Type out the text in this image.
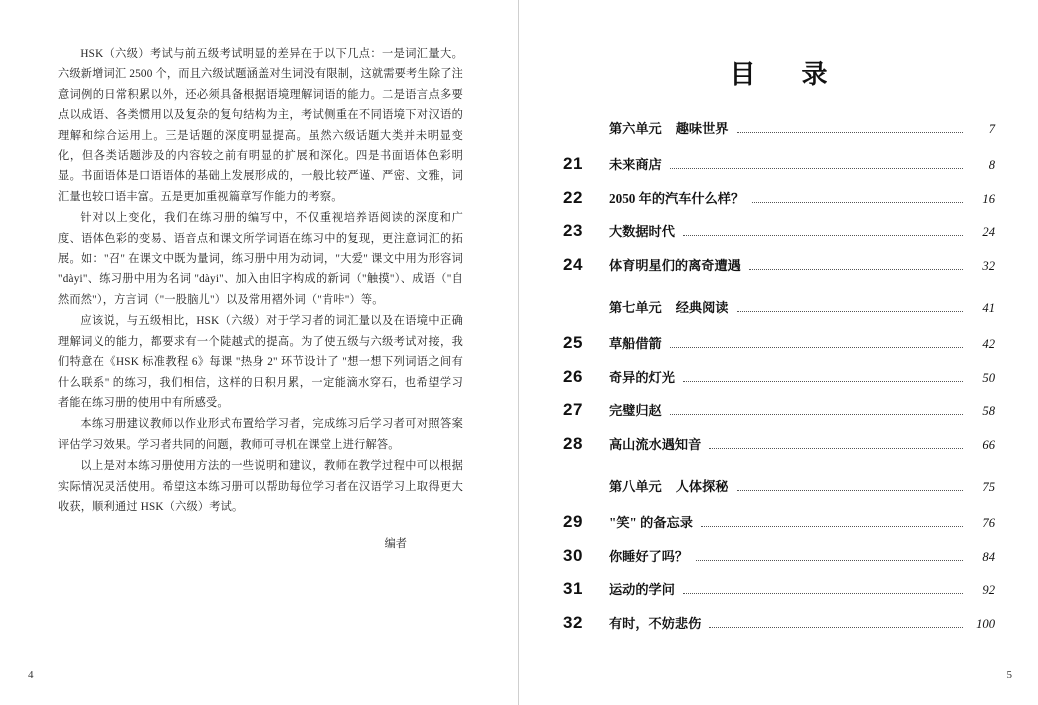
HSK（六级）考试与前五级考试明显的差异在于以下几点：一是词汇量大。六级新增词汇 2500 个，而且六级试题涵盖对生词没有限制，这就需要考生除了注意词例的日常积累以外，还必须具备根据语境理解词语的能力。二是语言点多要点以成语、各类惯用以及复杂的复句结构为主，考试侧重在不同语境下对汉语的理解和综合运用上。三是话题的深度明显提高。虽然六级话题大类并未明显变化，但各类话题涉及的内容较之前有明显的扩展和深化。四是书面语体色彩明显。书面语体是口语语体的基础上发展形成的，一般比较严谨、严密、文雅，词汇量也较口语丰富。五是更加重视篇章写作能力的考察。

针对以上变化，我们在练习册的编写中，不仅重视培养语阅读的深度和广度、语体色彩的变易、语音点和课文所学词语在练习中的复现，更注意词汇的拓展。如："召" 在课文中既为量词，练习册中用为动词，"大爱" 课文中用为形容词 "dàyi"、练习册中用为名词 "dàyi"、加入由旧字构成的新词（"触摸"）、成语（"自然而然"），方言词（"一股脑儿"）以及常用褶外词（"肯咔"）等。

应该说，与五级相比，HSK（六级）对于学习者的词汇量以及在语境中正确理解词义的能力，都要求有一个陡越式的提高。为了使五级与六级考试对接，我们特意在《HSK 标准教程 6》每课 "热身 2" 环节设计了 "想一想下列词语之间有什么联系" 的练习，我们相信，这样的日积月累，一定能滴水穿石，也希望学习者能在练习册的使用中有所感受。

本练习册建议教师以作业形式布置给学习者，完成练习后学习者可对照答案评估学习效果。学习者共同的问题，教师可寻机在课堂上进行解答。

以上是对本练习册使用方法的一些说明和建议，教师在教学过程中可以根据实际情况灵活使用。希望这本练习册可以帮助每位学习者在汉语学习上取得更大收获，顺利通过 HSK（六级）考试。

编者
4
目　录
第六单元 趣味世界	7
21	未来商店	8
22	2050 年的汽车什么样？	16
23	大数据时代	24
24	体育明星们的离奇遭遇	32
第七单元 经典阅读	41
25	草船借箭	42
26	奇异的灯光	50
27	完璧归赵	58
28	高山流水遇知音	66
第八单元 人体探秘	75
29	"笑" 的备忘录	76
30	你睡好了吗？	84
31	运动的学问	92
32	有时，不妨悲伤	100
5
